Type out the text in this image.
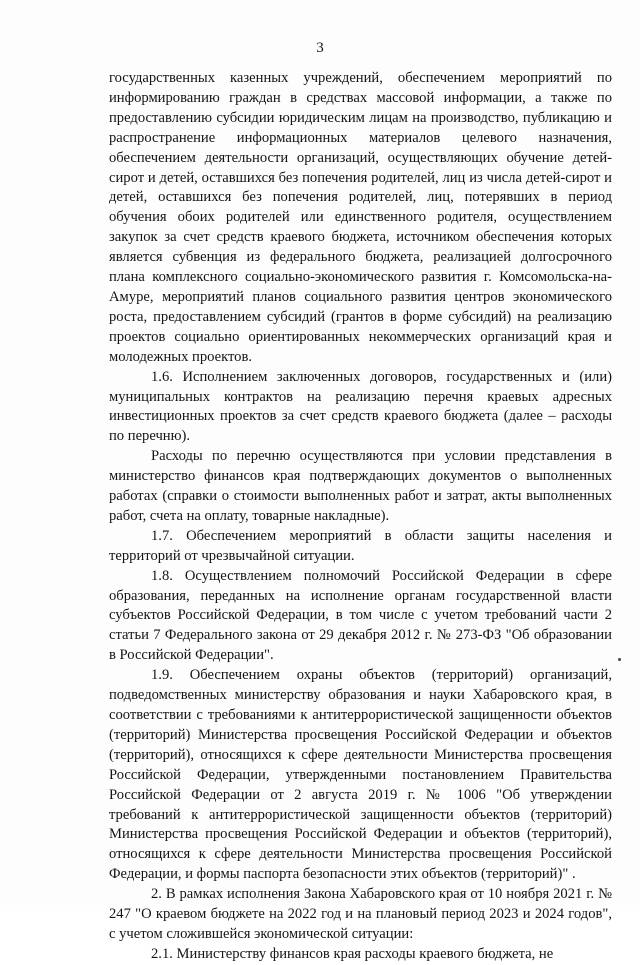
3

государственных казенных учреждений, обеспечением мероприятий по информированию граждан в средствах массовой информации, а также по предоставлению субсидии юридическим лицам на производство, публикацию и распространение информационных материалов целевого назначения, обеспечением деятельности организаций, осуществляющих обучение детей-сирот и детей, оставшихся без попечения родителей, лиц из числа детей-сирот и детей, оставшихся без попечения родителей, лиц, потерявших в период обучения обоих родителей или единственного родителя, осуществлением закупок за счет средств краевого бюджета, источником обеспечения которых является субвенция из федерального бюджета, реализацией долгосрочного плана комплексного социально-экономического развития г. Комсомольска-на-Амуре, мероприятий планов социального развития центров экономического роста, предоставлением субсидий (грантов в форме субсидий) на реализацию проектов социально ориентированных некоммерческих организаций края и молодежных проектов.

1.6. Исполнением заключенных договоров, государственных и (или) муниципальных контрактов на реализацию перечня краевых адресных инвестиционных проектов за счет средств краевого бюджета (далее – расходы по перечню).

Расходы по перечню осуществляются при условии представления в министерство финансов края подтверждающих документов о выполненных работах (справки о стоимости выполненных работ и затрат, акты выполненных работ, счета на оплату, товарные накладные).

1.7. Обеспечением мероприятий в области защиты населения и территорий от чрезвычайной ситуации.

1.8. Осуществлением полномочий Российской Федерации в сфере образования, переданных на исполнение органам государственной власти субъектов Российской Федерации, в том числе с учетом требований части 2 статьи 7 Федерального закона от 29 декабря 2012 г. № 273-ФЗ "Об образовании в Российской Федерации".

1.9. Обеспечением охраны объектов (территорий) организаций, подведомственных министерству образования и науки Хабаровского края, в соответствии с требованиями к антитеррористической защищенности объектов (территорий) Министерства просвещения Российской Федерации и объектов (территорий), относящихся к сфере деятельности Министерства просвещения Российской Федерации, утвержденными постановлением Правительства Российской Федерации от 2 августа 2019 г. № 1006 "Об утверждении требований к антитеррористической защищенности объектов (территорий) Министерства просвещения Российской Федерации и объектов (территорий), относящихся к сфере деятельности Министерства просвещения Российской Федерации, и формы паспорта безопасности этих объектов (территорий)" .

2. В рамках исполнения Закона Хабаровского края от 10 ноября 2021 г. № 247 "О краевом бюджете на 2022 год и на плановый период 2023 и 2024 годов", с учетом сложившейся экономической ситуации:

2.1. Министерству финансов края расходы краевого бюджета, не
